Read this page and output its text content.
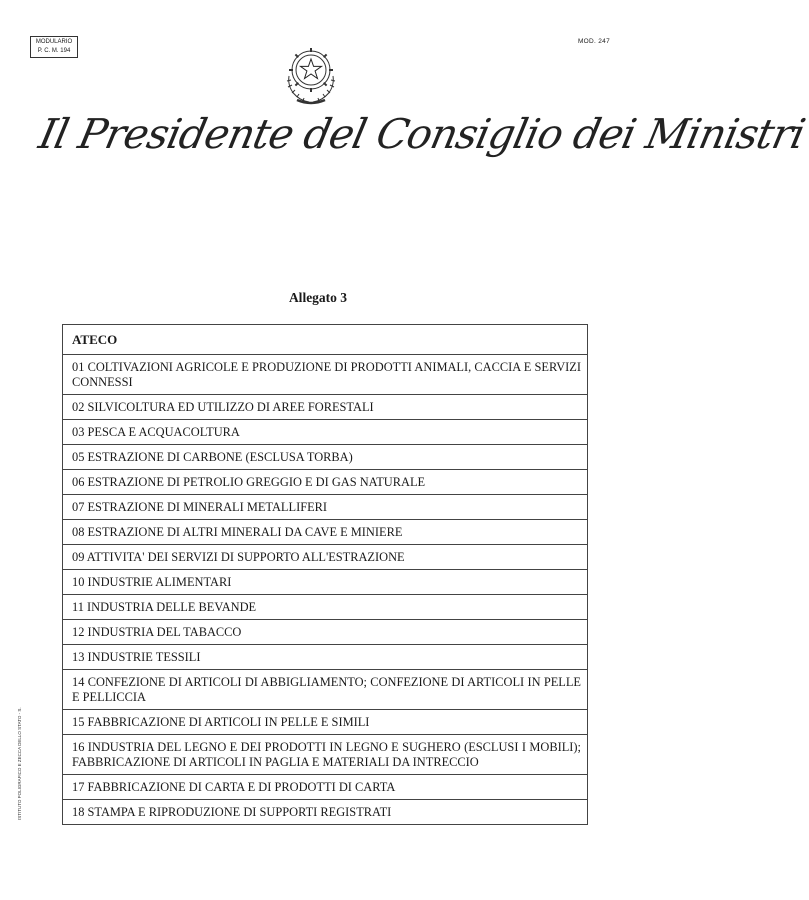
MODULARIO
P. C. M. 194
MOD. 247
Il Presidente del Consiglio dei Ministri
Allegato 3
ATECO
01 COLTIVAZIONI AGRICOLE E PRODUZIONE DI PRODOTTI ANIMALI, CACCIA E SERVIZI CONNESSI
02 SILVICOLTURA ED UTILIZZO DI AREE FORESTALI
03 PESCA E ACQUACOLTURA
05 ESTRAZIONE DI CARBONE (ESCLUSA TORBA)
06 ESTRAZIONE DI PETROLIO GREGGIO E DI GAS NATURALE
07 ESTRAZIONE DI MINERALI METALLIFERI
08 ESTRAZIONE DI ALTRI MINERALI DA CAVE E MINIERE
09 ATTIVITA' DEI SERVIZI DI SUPPORTO ALL'ESTRAZIONE
10 INDUSTRIE ALIMENTARI
11 INDUSTRIA DELLE BEVANDE
12 INDUSTRIA DEL TABACCO
13 INDUSTRIE TESSILI
14 CONFEZIONE DI ARTICOLI DI ABBIGLIAMENTO; CONFEZIONE DI ARTICOLI IN PELLE E PELLICCIA
15 FABBRICAZIONE DI ARTICOLI IN PELLE E SIMILI
16 INDUSTRIA DEL LEGNO E DEI PRODOTTI IN LEGNO E SUGHERO (ESCLUSI I MOBILI); FABBRICAZIONE DI ARTICOLI IN PAGLIA E MATERIALI DA INTRECCIO
17 FABBRICAZIONE DI CARTA E DI PRODOTTI DI CARTA
18 STAMPA E RIPRODUZIONE DI SUPPORTI REGISTRATI
ISTITUTO POLIGRAFICO E ZECCA DELLO STATO - S.
